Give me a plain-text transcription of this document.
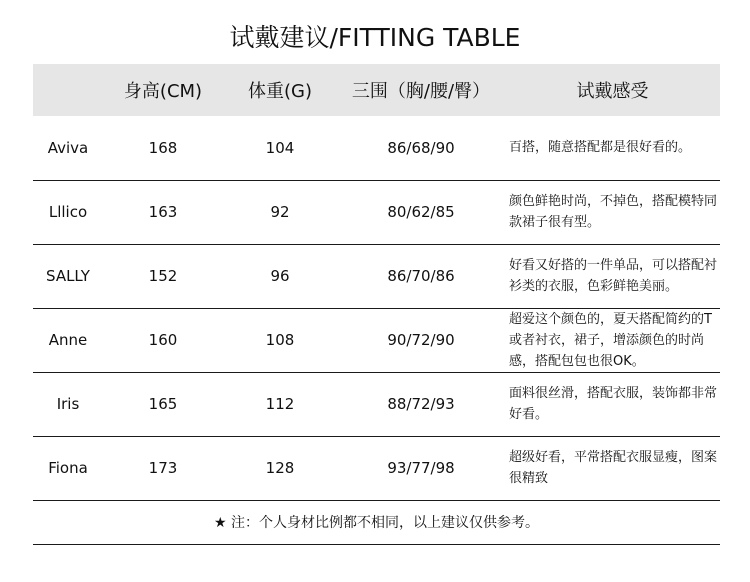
试戴建议/FITTING TABLE
	身高(CM)	体重(G)	三围（胸/腰/臀）	试戴感受
Aviva	168	104	86/68/90	百搭，随意搭配都是很好看的。
Lllico	163	92	80/62/85	颜色鲜艳时尚，不掉色，搭配模特同款裙子很有型。
SALLY	152	96	86/70/86	好看又好搭的一件单品，可以搭配衬衫类的衣服，色彩鲜艳美丽。
Anne	160	108	90/72/90	超爱这个颜色的，夏天搭配简约的T或者衬衣，裙子，增添颜色的时尚感，搭配包包也很OK。
Iris	165	112	88/72/93	面料很丝滑，搭配衣服，装饰都非常好看。
Fiona	173	128	93/77/98	超级好看，平常搭配衣服显瘦，图案很精致
★ 注：个人身材比例都不相同，以上建议仅供参考。				
